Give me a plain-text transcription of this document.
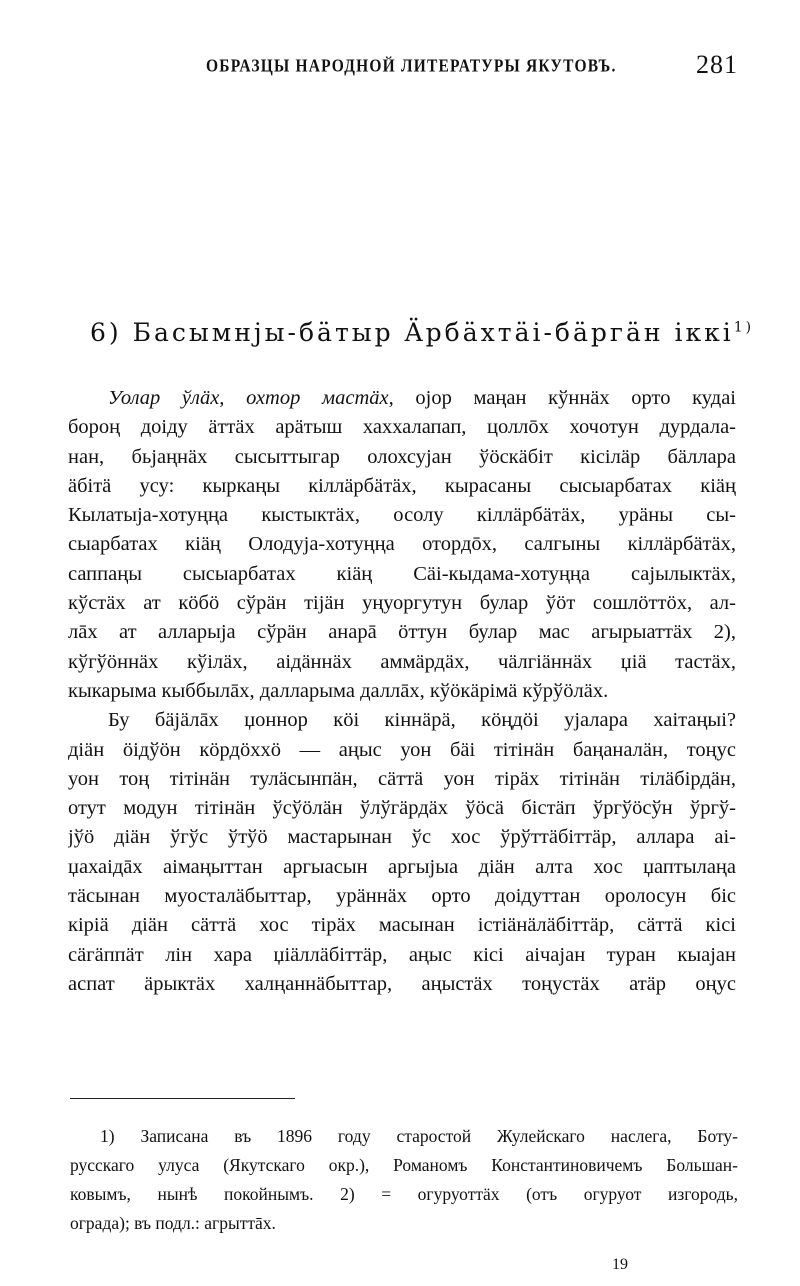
ОБРАЗЦЫ НАРОДНОЙ ЛИТЕРАТУРЫ ЯКУТОВЪ.	281
6) Басымнjы-бäтыр Äрбäхтäi-бäргäн iккi$^{1)}$
Уолар ўлäх, охтор мастäх, ојор маңан кўннäх орто кудаі
бороң доіду äттäх арäтыш хаххалапап, цоллōх хочотун дурдала-
нан, бьјаңнäх сысыттыгар олохсујан ўöскäбiт кiсiлäр бäллара
äбiтä усу: кыркаңы кiллäрбäтäх, кырасаны сысыарбатах кiäң
Кылатыја-хотуңңа кыстыктäх, осолу кiллäрбäтäх, урäны сы-
сыарбатах кiäң Олодуја-хотуңңа отордōх, салгыны кiллäрбäтäх,
саппаңы сысыарбатах кiäң Сäi-кыдама-хотуңңа сајылыктäх,
кўстäх ат кöбö сўрäн тijäн уңуоргутун булар ўöт сошлöттöх, ал-
лāх ат алларыја сўрäн анарā öттун булар мас агырыаттäх 2),
кўгўöннäх кўiлäх, аiдäннäх аммäрдäх, чäлгiäннäх џiä тастäх,
кыкарыма кыббылāх, далларыма даллāх, кўöкäрiмä кўрўöлäх.
Бу бäјäлāх џоннор кöi кiннäрä, кöңдöi ујалара хаiтаңыi?
дiäн öiдўöн кöрдöххö — аңыс уон бäi тiтiнäн баңаналäн, тоңус
уон тоң тiтiнäн тулäсынпäн, сäттä уон тiрäх тiтiнäн тiлäбiрдäн,
отут модун тiтiнäн ўсўöлäн ўлўгäрдäх ўöсä бiстäп ўргўöсўн ўргў-
јўö дiäн ўгўс ўтўö мастарынан ўс хос ўрўттäбiттäр, аллара аi-
џахаiдāх аiмаңыттан аргыасын аргыјыа дiäн алта хос џаптылаңа
тäсынан муосталäбыттар, урäннäх орто доiдуттан оролосун бiс
кiрiä дiäн сäттä хос тiрäх масынан iстiäнäлäбiттäр, сäттä кiсi
сäгäппäт лiн хара џiäллäбiттäр, аңыс кiсi аiчајан туран кыајан
аспат äрыктäх халңаннäбыттар, аңыстäх тоңустäх атäр оңус
1) Записана въ 1896 году старостой Жулейскаго наслега, Боту-
русскаго улуса (Якутскаго окр.), Романомъ Константиновичемъ Большан-
ковымъ, нынѣ покойнымъ. 2) = огуруоттäх (отъ огуруот изгородь,
ограда); въ подл.: агрыттāх.
19
